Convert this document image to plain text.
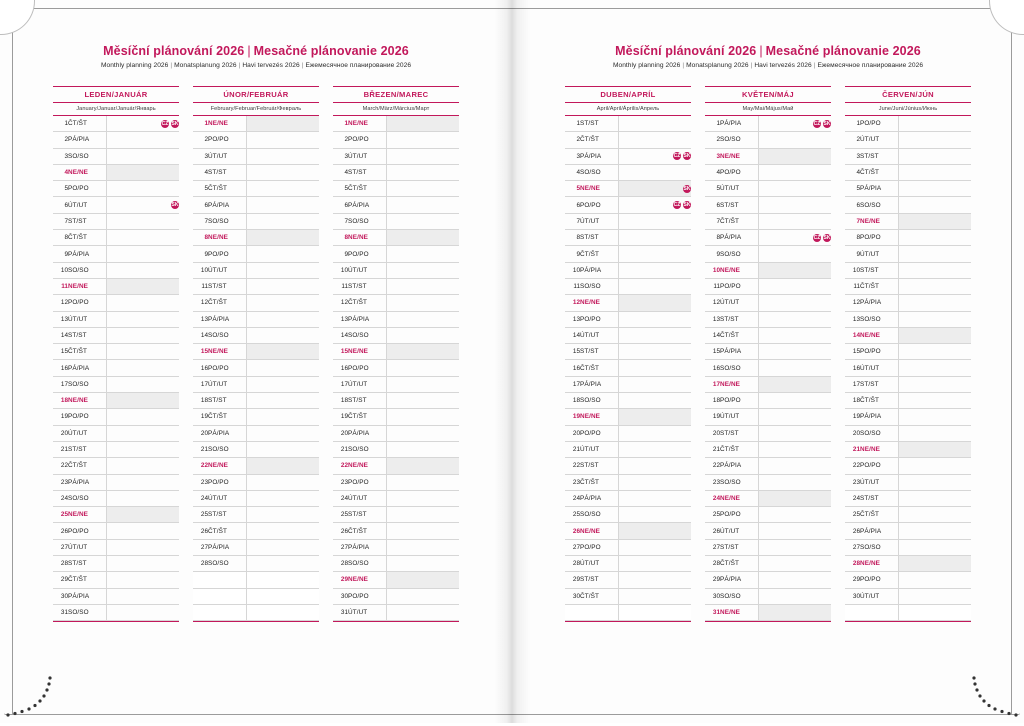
Měsíční plánování 2026 | Mesačné plánovanie 2026
Monthly planning 2026 | Monatsplanung 2026 | Havi tervezés 2026 | Ежемесячное планирование 2026
LEDEN/JANUÁR
January/Januar/Január/Январь
1	ČT/ŠT	CZ SK
2	PÁ/PIA	
3	SO/SO	
4	NE/NE	
5	PO/PO	
6	ÚT/UT	SK
7	ST/ST	
8	ČT/ŠT	
9	PÁ/PIA	
10	SO/SO	
11	NE/NE	
12	PO/PO	
13	ÚT/UT	
14	ST/ST	
15	ČT/ŠT	
16	PÁ/PIA	
17	SO/SO	
18	NE/NE	
19	PO/PO	
20	ÚT/UT	
21	ST/ST	
22	ČT/ŠT	
23	PÁ/PIA	
24	SO/SO	
25	NE/NE	
26	PO/PO	
27	ÚT/UT	
28	ST/ST	
29	ČT/ŠT	
30	PÁ/PIA	
31	SO/SO	
ÚNOR/FEBRUÁR
February/Februar/Február/Февраль
1	NE/NE	
2	PO/PO	
3	ÚT/UT	
4	ST/ST	
5	ČT/ŠT	
6	PÁ/PIA	
7	SO/SO	
8	NE/NE	
9	PO/PO	
10	ÚT/UT	
11	ST/ST	
12	ČT/ŠT	
13	PÁ/PIA	
14	SO/SO	
15	NE/NE	
16	PO/PO	
17	ÚT/UT	
18	ST/ST	
19	ČT/ŠT	
20	PÁ/PIA	
21	SO/SO	
22	NE/NE	
23	PO/PO	
24	ÚT/UT	
25	ST/ST	
26	ČT/ŠT	
27	PÁ/PIA	
28	SO/SO	

BŘEZEN/MAREC
March/März/Március/Март
1	NE/NE	
2	PO/PO	
3	ÚT/UT	
4	ST/ST	
5	ČT/ŠT	
6	PÁ/PIA	
7	SO/SO	
8	NE/NE	
9	PO/PO	
10	ÚT/UT	
11	ST/ST	
12	ČT/ŠT	
13	PÁ/PIA	
14	SO/SO	
15	NE/NE	
16	PO/PO	
17	ÚT/UT	
18	ST/ST	
19	ČT/ŠT	
20	PÁ/PIA	
21	SO/SO	
22	NE/NE	
23	PO/PO	
24	ÚT/UT	
25	ST/ST	
26	ČT/ŠT	
27	PÁ/PIA	
28	SO/SO	
29	NE/NE	
30	PO/PO	
31	ÚT/UT	
Měsíční plánování 2026 | Mesačné plánovanie 2026
Monthly planning 2026 | Monatsplanung 2026 | Havi tervezés 2026 | Ежемесячное планирование 2026
DUBEN/APRÍL
April/April/Április/Апрель
1	ST/ST	
2	ČT/ŠT	
3	PÁ/PIA	CZ SK
4	SO/SO	
5	NE/NE	SK
6	PO/PO	CZ SK
7	ÚT/UT	
8	ST/ST	
9	ČT/ŠT	
10	PÁ/PIA	
11	SO/SO	
12	NE/NE	
13	PO/PO	
14	ÚT/UT	
15	ST/ST	
16	ČT/ŠT	
17	PÁ/PIA	
18	SO/SO	
19	NE/NE	
20	PO/PO	
21	ÚT/UT	
22	ST/ST	
23	ČT/ŠT	
24	PÁ/PIA	
25	SO/SO	
26	NE/NE	
27	PO/PO	
28	ÚT/UT	
29	ST/ST	
30	ČT/ŠT	

KVĚTEN/MÁJ
May/Mai/Május/Май
1	PÁ/PIA	CZ SK
2	SO/SO	
3	NE/NE	
4	PO/PO	
5	ÚT/UT	
6	ST/ST	
7	ČT/ŠT	
8	PÁ/PIA	CZ SK
9	SO/SO	
10	NE/NE	
11	PO/PO	
12	ÚT/UT	
13	ST/ST	
14	ČT/ŠT	
15	PÁ/PIA	
16	SO/SO	
17	NE/NE	
18	PO/PO	
19	ÚT/UT	
20	ST/ST	
21	ČT/ŠT	
22	PÁ/PIA	
23	SO/SO	
24	NE/NE	
25	PO/PO	
26	ÚT/UT	
27	ST/ST	
28	ČT/ŠT	
29	PÁ/PIA	
30	SO/SO	
31	NE/NE	
ČERVEN/JÚN
June/Juni/Június/Июнь
1	PO/PO	
2	ÚT/UT	
3	ST/ST	
4	ČT/ŠT	
5	PÁ/PIA	
6	SO/SO	
7	NE/NE	
8	PO/PO	
9	ÚT/UT	
10	ST/ST	
11	ČT/ŠT	
12	PÁ/PIA	
13	SO/SO	
14	NE/NE	
15	PO/PO	
16	ÚT/UT	
17	ST/ST	
18	ČT/ŠT	
19	PÁ/PIA	
20	SO/SO	
21	NE/NE	
22	PO/PO	
23	ÚT/UT	
24	ST/ST	
25	ČT/ŠT	
26	PÁ/PIA	
27	SO/SO	
28	NE/NE	
29	PO/PO	
30	ÚT/UT	
